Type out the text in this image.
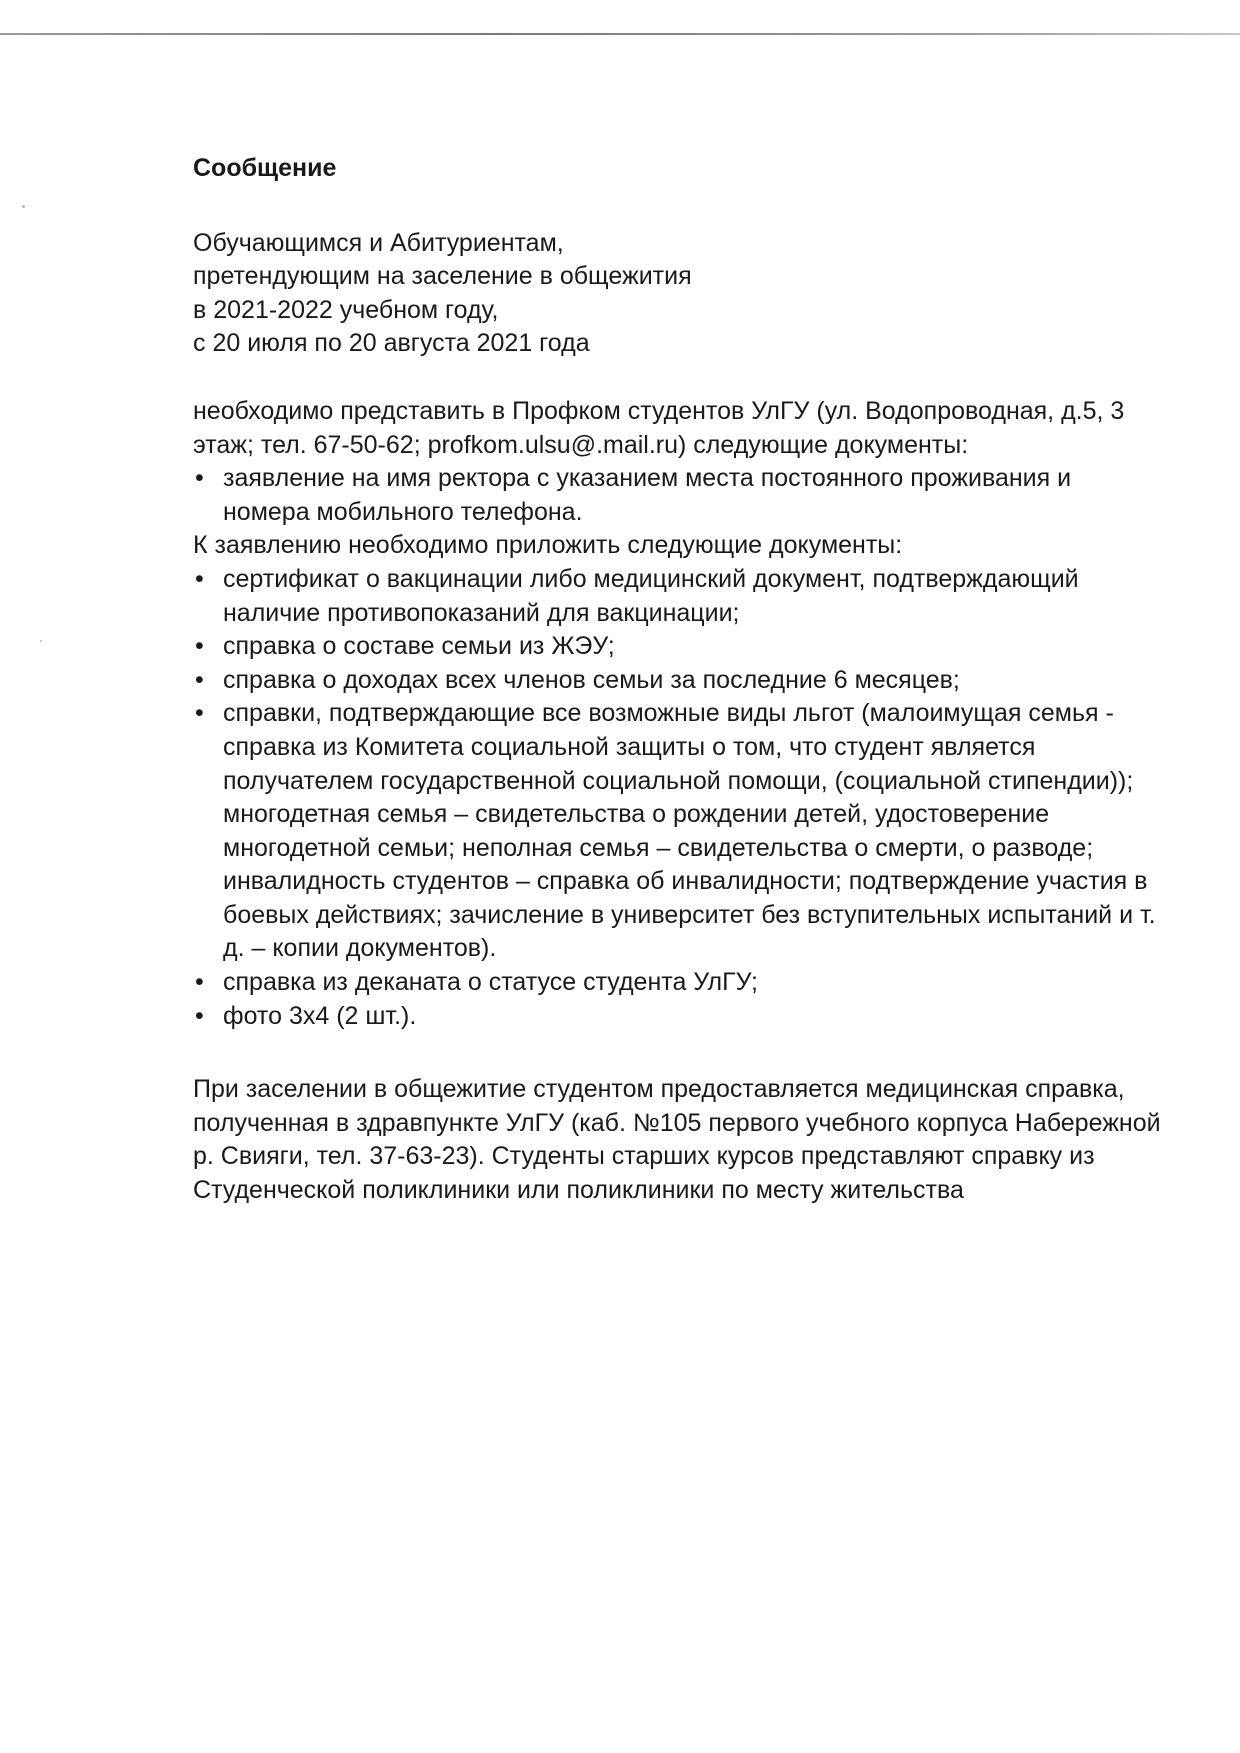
Сообщение
Обучающимся и Абитуриентам,
претендующим на заселение в общежития
в 2021-2022 учебном году,
с 20 июля по 20 августа 2021 года

необходимо представить в Профком студентов УлГУ (ул. Водопроводная, д.5, 3 этаж; тел. 67-50-62; profkom.ulsu@.mail.ru) следующие документы:

• заявление на имя ректора с указанием места постоянного проживания и номера мобильного телефона.

К заявлению необходимо приложить следующие документы:

• сертификат о вакцинации либо медицинский документ, подтверждающий наличие противопоказаний для вакцинации;
• справка о составе семьи из ЖЭУ;
• справка о доходах всех членов семьи за последние 6 месяцев;
• справки, подтверждающие все возможные виды льгот (малоимущая семья - справка из Комитета социальной защиты о том, что студент является получателем государственной социальной помощи, (социальной стипендии)); многодетная семья – свидетельства о рождении детей, удостоверение многодетной семьи; неполная семья – свидетельства о смерти, о разводе; инвалидность студентов – справка об инвалидности; подтверждение участия в боевых действиях; зачисление в университет без вступительных испытаний и т. д. – копии документов).
• справка из деканата о статусе студента УлГУ;
• фото 3х4 (2 шт.).

При заселении в общежитие студентом предоставляется медицинская справка, полученная в здравпункте УлГУ (каб. №105 первого учебного корпуса Набережной р. Свияги, тел. 37-63-23). Студенты старших курсов представляют справку из Студенческой поликлиники или поликлиники по месту жительства
